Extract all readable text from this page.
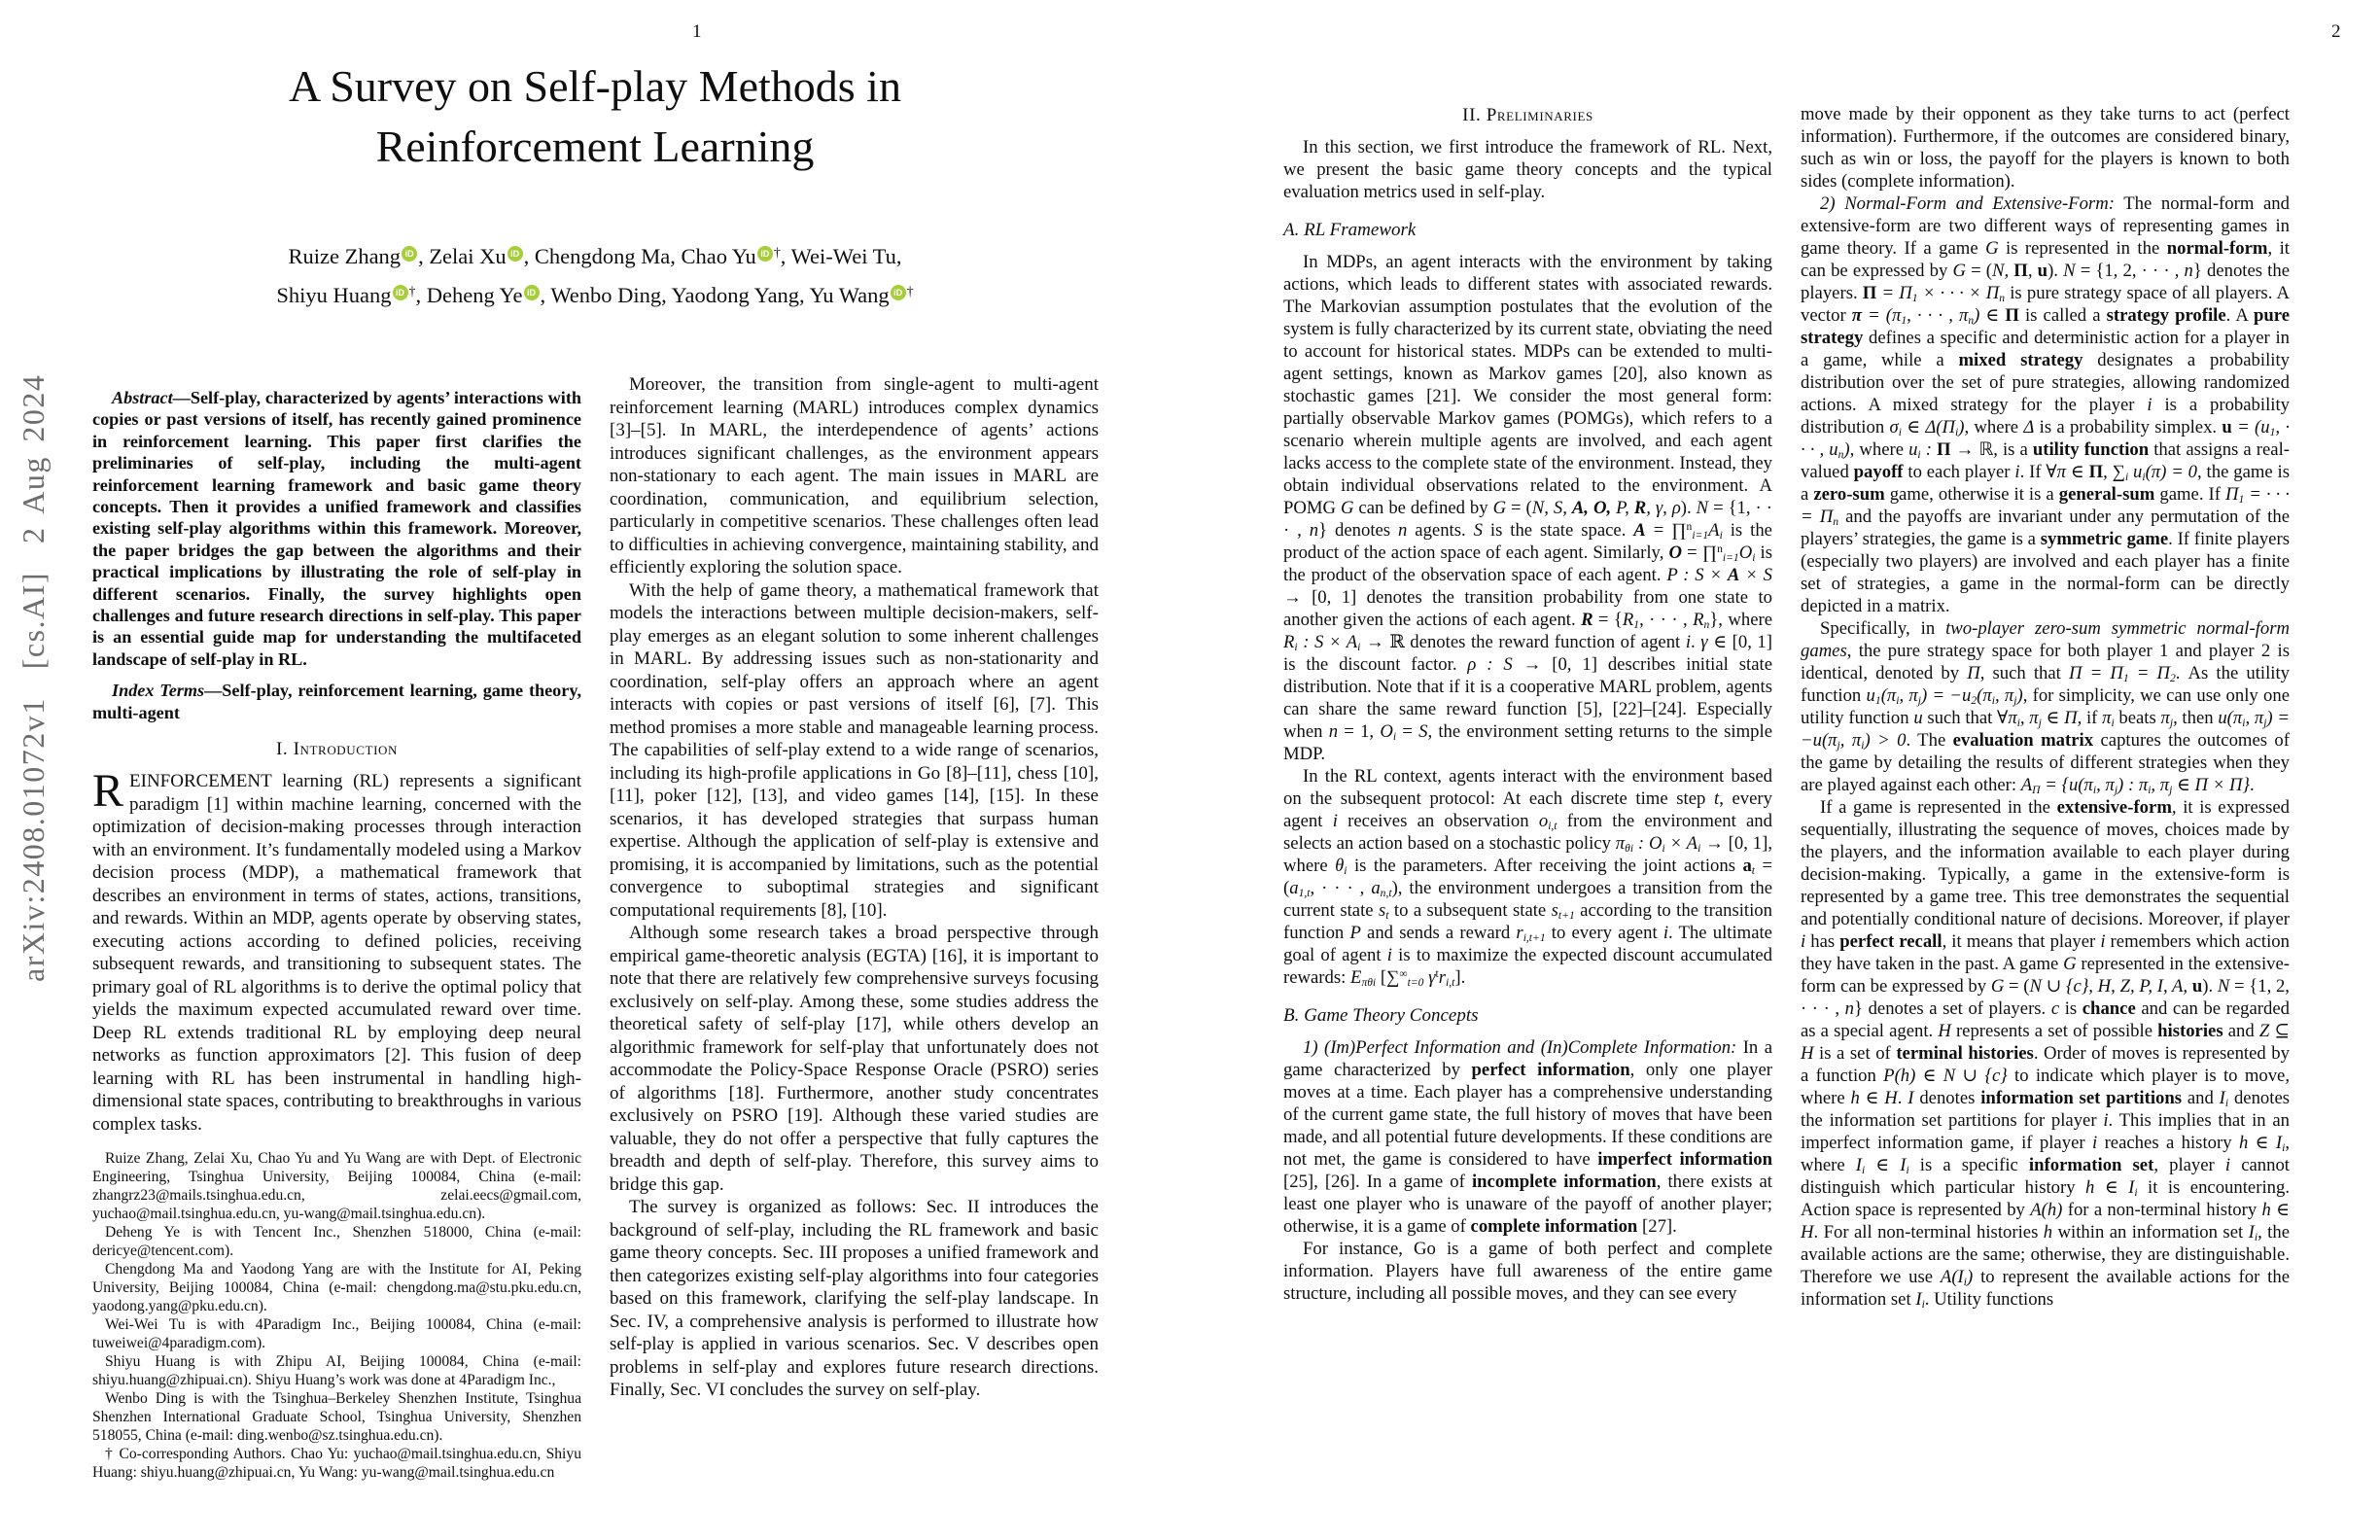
1
arXiv:2408.01072v1  [cs.AI]  2 Aug 2024
A Survey on Self-play Methods in
Reinforcement Learning
Ruize Zhang iD , Zelai Xu iD , Chengdong Ma, Chao Yu iD †, Wei-Wei Tu,
Shiyu Huang iD †, Deheng Ye iD , Wenbo Ding, Yaodong Yang, Yu Wang iD †

Abstract—Self-play, characterized by agents’ interactions with copies or past versions of itself, has recently gained prominence in reinforcement learning. This paper first clarifies the preliminaries of self-play, including the multi-agent reinforcement learning framework and basic game theory concepts. Then it provides a unified framework and classifies existing self-play algorithms within this framework. Moreover, the paper bridges the gap between the algorithms and their practical implications by illustrating the role of self-play in different scenarios. Finally, the survey highlights open challenges and future research directions in self-play. This paper is an essential guide map for understanding the multifaceted landscape of self-play in RL.

Index Terms—Self-play, reinforcement learning, game theory, multi-agent

I. Introduction

REINFORCEMENT learning (RL) represents a significant paradigm [1] within machine learning, concerned with the optimization of decision-making processes through interaction with an environment. It’s fundamentally modeled using a Markov decision process (MDP), a mathematical framework that describes an environment in terms of states, actions, transitions, and rewards. Within an MDP, agents operate by observing states, executing actions according to defined policies, receiving subsequent rewards, and transitioning to subsequent states. The primary goal of RL algorithms is to derive the optimal policy that yields the maximum expected accumulated reward over time. Deep RL extends traditional RL by employing deep neural networks as function approximators [2]. This fusion of deep learning with RL has been instrumental in handling high-dimensional state spaces, contributing to breakthroughs in various complex tasks.

Ruize Zhang, Zelai Xu, Chao Yu and Yu Wang are with Dept. of Electronic Engineering, Tsinghua University, Beijing 100084, China (e-mail: zhangrz23@mails.tsinghua.edu.cn, zelai.eecs@gmail.com, yuchao@mail.tsinghua.edu.cn, yu-wang@mail.tsinghua.edu.cn).

Deheng Ye is with Tencent Inc., Shenzhen 518000, China (e-mail: dericye@tencent.com).

Chengdong Ma and Yaodong Yang are with the Institute for AI, Peking University, Beijing 100084, China (e-mail: chengdong.ma@stu.pku.edu.cn, yaodong.yang@pku.edu.cn).

Wei-Wei Tu is with 4Paradigm Inc., Beijing 100084, China (e-mail: tuweiwei@4paradigm.com).

Shiyu Huang is with Zhipu AI, Beijing 100084, China (e-mail: shiyu.huang@zhipuai.cn). Shiyu Huang’s work was done at 4Paradigm Inc.,

Wenbo Ding is with the Tsinghua–Berkeley Shenzhen Institute, Tsinghua Shenzhen International Graduate School, Tsinghua University, Shenzhen 518055, China (e-mail: ding.wenbo@sz.tsinghua.edu.cn).

† Co-corresponding Authors. Chao Yu: yuchao@mail.tsinghua.edu.cn, Shiyu Huang: shiyu.huang@zhipuai.cn, Yu Wang: yu-wang@mail.tsinghua.edu.cn

Moreover, the transition from single-agent to multi-agent reinforcement learning (MARL) introduces complex dynamics [3]–[5]. In MARL, the interdependence of agents’ actions introduces significant challenges, as the environment appears non-stationary to each agent. The main issues in MARL are coordination, communication, and equilibrium selection, particularly in competitive scenarios. These challenges often lead to difficulties in achieving convergence, maintaining stability, and efficiently exploring the solution space.

With the help of game theory, a mathematical framework that models the interactions between multiple decision-makers, self-play emerges as an elegant solution to some inherent challenges in MARL. By addressing issues such as non-stationarity and coordination, self-play offers an approach where an agent interacts with copies or past versions of itself [6], [7]. This method promises a more stable and manageable learning process. The capabilities of self-play extend to a wide range of scenarios, including its high-profile applications in Go [8]–[11], chess [10], [11], poker [12], [13], and video games [14], [15]. In these scenarios, it has developed strategies that surpass human expertise. Although the application of self-play is extensive and promising, it is accompanied by limitations, such as the potential convergence to suboptimal strategies and significant computational requirements [8], [10].

Although some research takes a broad perspective through empirical game-theoretic analysis (EGTA) [16], it is important to note that there are relatively few comprehensive surveys focusing exclusively on self-play. Among these, some studies address the theoretical safety of self-play [17], while others develop an algorithmic framework for self-play that unfortunately does not accommodate the Policy-Space Response Oracle (PSRO) series of algorithms [18]. Furthermore, another study concentrates exclusively on PSRO [19]. Although these varied studies are valuable, they do not offer a perspective that fully captures the breadth and depth of self-play. Therefore, this survey aims to bridge this gap.

The survey is organized as follows: Sec. II introduces the background of self-play, including the RL framework and basic game theory concepts. Sec. III proposes a unified framework and then categorizes existing self-play algorithms into four categories based on this framework, clarifying the self-play landscape. In Sec. IV, a comprehensive analysis is performed to illustrate how self-play is applied in various scenarios. Sec. V describes open problems in self-play and explores future research directions. Finally, Sec. VI concludes the survey on self-play.

2
II. Preliminaries

In this section, we first introduce the framework of RL. Next, we present the basic game theory concepts and the typical evaluation metrics used in self-play.

A. RL Framework

In MDPs, an agent interacts with the environment by taking actions, which leads to different states with associated rewards. The Markovian assumption postulates that the evolution of the system is fully characterized by its current state, obviating the need to account for historical states. MDPs can be extended to multi-agent settings, known as Markov games [20], also known as stochastic games [21]. We consider the most general form: partially observable Markov games (POMGs), which refers to a scenario wherein multiple agents are involved, and each agent lacks access to the complete state of the environment. Instead, they obtain individual observations related to the environment. A POMG G can be defined by G = (N, S, A, O, P, R, γ, ρ). N = {1, · · · , n} denotes n agents. S is the state space. A = ∏$^n$i=1Ai is the product of the action space of each agent. Similarly, O = ∏$^n$i=1Oi is the product of the observation space of each agent. P : S × A × S → [0, 1] denotes the transition probability from one state to another given the actions of each agent. R = {R1, · · · , Rn}, where Ri : S × Ai → ℝ denotes the reward function of agent i. γ ∈ [0, 1] is the discount factor. ρ : S → [0, 1] describes initial state distribution. Note that if it is a cooperative MARL problem, agents can share the same reward function [5], [22]–[24]. Especially when n = 1, Oi = S, the environment setting returns to the simple MDP.

In the RL context, agents interact with the environment based on the subsequent protocol: At each discrete time step t, every agent i receives an observation oi,t from the environment and selects an action based on a stochastic policy πθi : Oi × Ai → [0, 1], where θi is the parameters. After receiving the joint actions at = (a1,t, · · · , an,t), the environment undergoes a transition from the current state st to a subsequent state st+1 according to the transition function P and sends a reward ri,t+1 to every agent i. The ultimate goal of agent i is to maximize the expected discount accumulated rewards: Eπθi [∑∞t=0 $\gamma^tri,t$].

B. Game Theory Concepts

1) (Im)Perfect Information and (In)Complete Information: In a game characterized by perfect information, only one player moves at a time. Each player has a comprehensive understanding of the current game state, the full history of moves that have been made, and all potential future developments. If these conditions are not met, the game is considered to have imperfect information [25], [26]. In a game of incomplete information, there exists at least one player who is unaware of the payoff of another player; otherwise, it is a game of complete information [27].

For instance, Go is a game of both perfect and complete information. Players have full awareness of the entire game structure, including all possible moves, and they can see every

move made by their opponent as they take turns to act (perfect information). Furthermore, if the outcomes are considered binary, such as win or loss, the payoff for the players is known to both sides (complete information).

2) Normal-Form and Extensive-Form: The normal-form and extensive-form are two different ways of representing games in game theory. If a game G is represented in the normal-form, it can be expressed by G = (N, Π, u). N = {1, 2, · · · , n} denotes the players. Π = Π1 × · · · × Πn is pure strategy space of all players. A vector π = (π1, · · · , πn) ∈ Π is called a strategy profile. A pure strategy defines a specific and deterministic action for a player in a game, while a mixed strategy designates a probability distribution over the set of pure strategies, allowing randomized actions. A mixed strategy for the player i is a probability distribution σi ∈ Δ(Πi), where Δ is a probability simplex. u = (u1, · · · , un), where ui : Π → ℝ, is a utility function that assigns a real-valued payoff to each player i. If ∀π ∈ Π, ∑i ui(π) = 0, the game is a zero-sum game, otherwise it is a general-sum game. If Π1 = · · · = Πn and the payoffs are invariant under any permutation of the players’ strategies, the game is a symmetric game. If finite players (especially two players) are involved and each player has a finite set of strategies, a game in the normal-form can be directly depicted in a matrix.

Specifically, in two-player zero-sum symmetric normal-form games, the pure strategy space for both player 1 and player 2 is identical, denoted by Π, such that Π = Π1 = Π2. As the utility function u1(πi, πj) = −u2(πi, πj), for simplicity, we can use only one utility function u such that ∀πi, πj ∈ Π, if πi beats πj, then u(πi, πj) = −u(πj, πi) > 0. The evaluation matrix captures the outcomes of the game by detailing the results of different strategies when they are played against each other: AΠ = {u(πi, πj) : πi, πj ∈ Π × Π}.

If a game is represented in the extensive-form, it is expressed sequentially, illustrating the sequence of moves, choices made by the players, and the information available to each player during decision-making. Typically, a game in the extensive-form is represented by a game tree. This tree demonstrates the sequential and potentially conditional nature of decisions. Moreover, if player i has perfect recall, it means that player i remembers which action they have taken in the past. A game G represented in the extensive-form can be expressed by G = (N ∪ {c}, H, Z, P, I, A, u). N = {1, 2, · · · , n} denotes a set of players. c is chance and can be regarded as a special agent. H represents a set of possible histories and Z ⊆ H is a set of terminal histories. Order of moves is represented by a function P(h) ∈ N ∪ {c} to indicate which player is to move, where h ∈ H. I denotes information set partitions and Ii denotes the information set partitions for player i. This implies that in an imperfect information game, if player i reaches a history h ∈ Ii, where Ii ∈ Ii is a specific information set, player i cannot distinguish which particular history h ∈ Ii it is encountering. Action space is represented by A(h) for a non-terminal history h ∈ H. For all non-terminal histories h within an information set Ii, the available actions are the same; otherwise, they are distinguishable. Therefore we use A(Ii) to represent the available actions for the information set Ii. Utility functions
